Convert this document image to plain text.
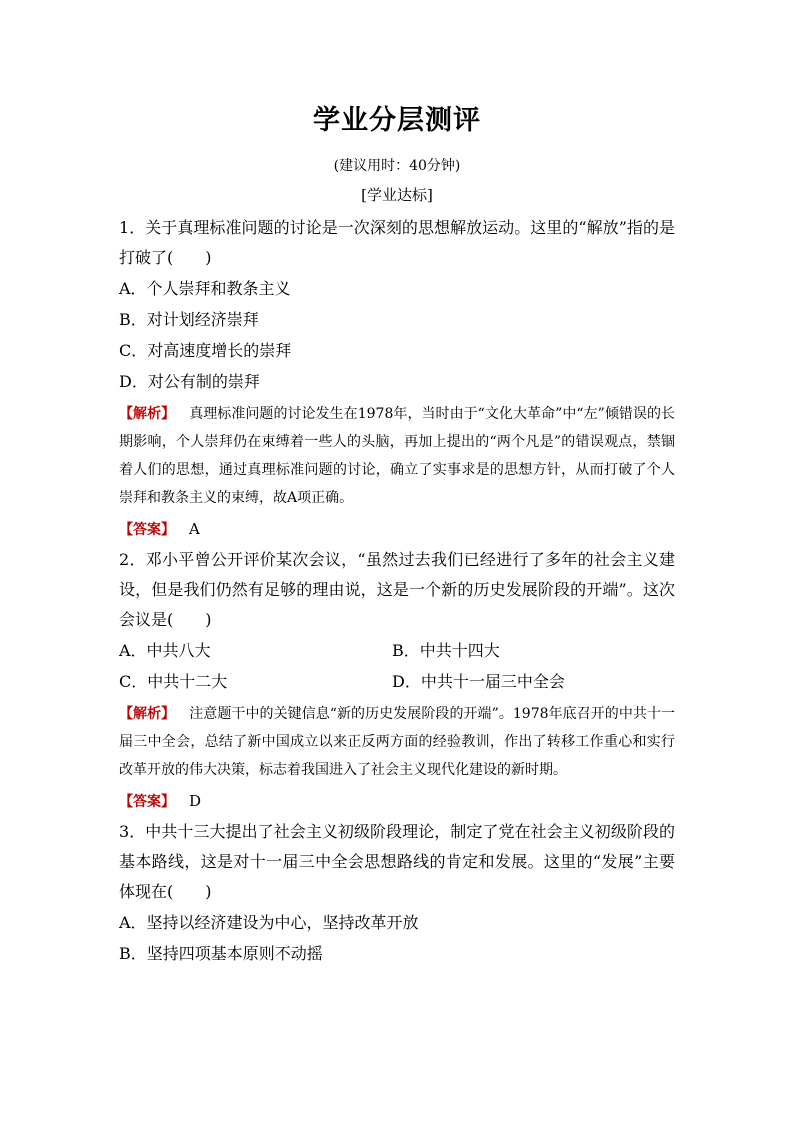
学业分层测评
(建议用时：40分钟)
[学业达标]
1．关于真理标准问题的讨论是一次深刻的思想解放运动。这里的“解放”指的是打破了(　　)
A．个人崇拜和教条主义
B．对计划经济崇拜
C．对高速度增长的崇拜
D．对公有制的崇拜
【解析】 真理标准问题的讨论发生在1978年，当时由于“文化大革命”中“左”倾错误的长期影响，个人崇拜仍在束缚着一些人的头脑，再加上提出的“两个凡是”的错误观点，禁锢着人们的思想，通过真理标准问题的讨论，确立了实事求是的思想方针，从而打破了个人崇拜和教条主义的束缚，故A项正确。
【答案】 A
2．邓小平曾公开评价某次会议，“虽然过去我们已经进行了多年的社会主义建设，但是我们仍然有足够的理由说，这是一个新的历史发展阶段的开端”。这次会议是(　　)
A．中共八大	B．中共十四大
C．中共十二大	D．中共十一届三中全会
【解析】 注意题干中的关键信息“新的历史发展阶段的开端”。1978年底召开的中共十一届三中全会，总结了新中国成立以来正反两方面的经验教训，作出了转移工作重心和实行改革开放的伟大决策，标志着我国进入了社会主义现代化建设的新时期。
【答案】 D
3．中共十三大提出了社会主义初级阶段理论，制定了党在社会主义初级阶段的基本路线，这是对十一届三中全会思想路线的肯定和发展。这里的“发展”主要体现在(　　)
A．坚持以经济建设为中心，坚持改革开放
B．坚持四项基本原则不动摇
